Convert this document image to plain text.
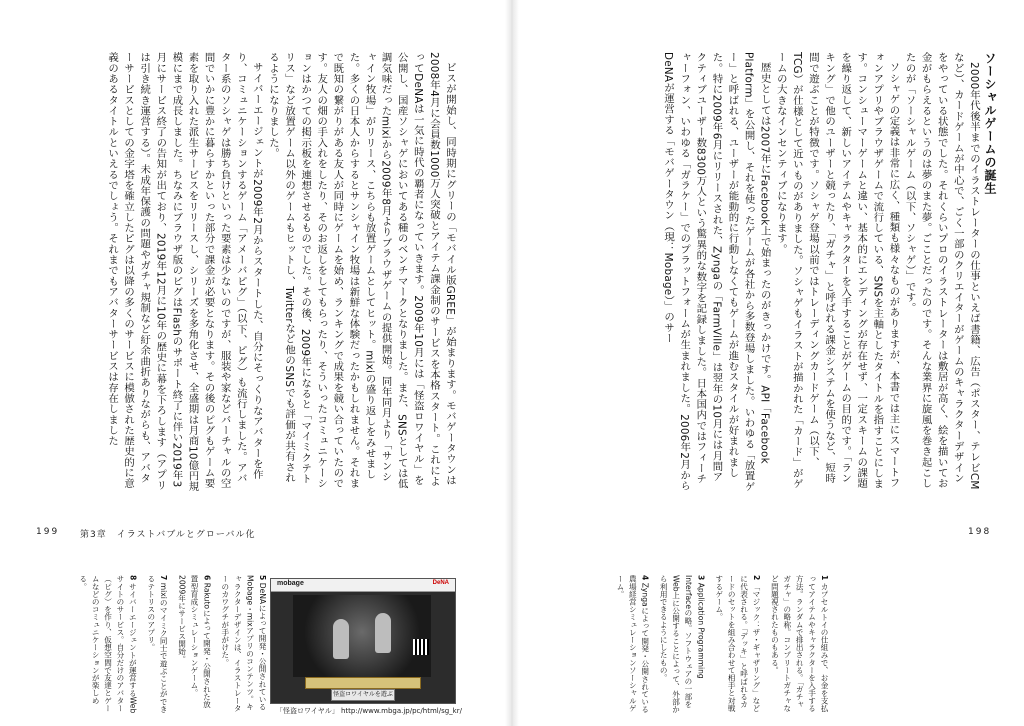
ビスが開始し、同時期にグリーの「モバイル版GREE」が始まります。モバゲータウンは2008年4月に会員数1000万人突破とアイテム課金制のサービスを本格スタート。これによってDeNAは一気に時代の覇者になっていきます。2009年10月には「怪盗ロワイヤル」を公開し、国産ソシャゲにおいてある種のベンチマークとなりました。また、SNSとしては低調気味だったmixiから2009年8月よりブラウザゲームの提供開始。同年同月より「サンシャイン牧場」がリリース、こちらも放置ゲームとしてヒット。mixiの盛り返しをみせました。多くの日本人からするとサンシャイン牧場は新鮮な体験だったかもしれません。それまで既知の繋がりがある友人が同時にゲームを始め、ランキングで成果を競い合っていたのです。友人の畑の手入れをしたり、そのお返しをしてもらったり、そういったコミュニケーションはかつての掲示板を連想させるものでした。その後、2009年になると「マイミクテトリス」など放置ゲーム以外のゲームもヒットし、Twitterなど他のSNSでも評価が共有されるようになりました。

サイバーエージェントが2009年2月からスタートした、自分にそっくりなアバターを作り、コミュニケーションするゲーム「アメーバピグ」（以下、ピグ）も流行しました。アバター系のソシャゲは勝ち負けといった要素は少ないのですが、服装や家などバーチャルの空間でいかに豊かに暮らすかといった部分で課金が必要となります。その後のピグもゲーム要素を取り入れた派生サービスをリリースし、シリーズを多角化させ、全盛期は月商10億円規模にまで成長しました。ちなみにブラウザ版のピグはFlashのサポート終了に伴い2019年3月にサービス終了の告知が出ており、2019年12月に10年の歴史に幕を下ろします（アプリは引き続き運営する）。未成年保護の問題やガチャ規制など紆余曲折ありながらも、アバターサービスとしての金字塔を確立したピグは以降の多くのサービスに模倣された歴史的に意義のあるタイトルといえるでしょう。それまでもアバターサービスは存在しました

199 第3章　イラストバブルとグローバル化
5 DeNAによって開発・公開されているMobage・mixアプリのコンテンツ。キャラクターデザインは、イラストレーターのカワグチが手がけた。
6 Rakutoによって開発・公開された放置型育成シミュレーションゲーム。2009年にサービス開始。
7 mixiのマイミク同士で遊ぶことができるテトリスのアプリ。
8 サイバーエージェントが運営するWebサイトのサービス。自分だけのアバター（ピグ）を作り、仮想空間で友達とゲームなどのコミュニケーションが楽しめる。	mobage	DeNA
怪盗ロワイヤルを遊ぶ
「怪盗ロワイヤル」 http://www.mbga.jp/pc/html/sg_kr/

ソーシャルゲームの誕生

2000年代後半までのイラストレーターの仕事といえば書籍、広告（ポスター、テレビCMなど）、カードゲームが中心で、ごく一部のクリエイターがゲームのキャラクターデザインをやっている状態でした。それくらいプロのイラストレーターは敷居が高く、絵を描いてお金がもらえるというのは夢のまた夢。ごことだったのです。そんな業界に旋風を巻き起こしたのが「ソーシャルゲーム（以下、ソシャゲ）」です。

ソシャゲの定義は非常に広く、種類も様々なものがありますが、本書では主にスマートフォンアプリやブラウザゲームで流行している、SNSを主軸としたタイトルを指すことにします。コンシューマーゲームと違い、基本的にエンディングが存在せず、一定スキームの課題を繰り返して、新しいアイテムやキャラクターを入手することがゲームの目的です。「ランキング」で他のユーザーと競ったり、「ガチャ」と呼ばれる課金システムを使うなど、短時間で遊ぶことが特徴です。ソシャゲ登場以前ではトレーディングカードゲーム（以下、TCG）が仕様として近いものがありました。ソシャゲもイラストが描かれた「カード」がゲームの大きなインセンティブになります。

歴史としては2007年にFacebook上で始まったのがきっかけです。API「Facebook Platform」を公開し、それを使ったゲームが各社から多数登場しました。いわゆる「放置ゲー」と呼ばれる、ユーザーが能動的に行動しなくてもゲームが進むスタイルが好まれました。特に2009年6月にリリースされた、Zyngaの「FarmVille」は翌年の10月には月間アクティブユーザー数8300万人という驚異的な数字を記録しました。日本国内ではフィーチャーフォン、いわゆる「ガラケー」でのプラットフォームが生まれました。2006年2月からDeNAが運営する「モバゲータウン（現：Mobage）」のサー

198
1 カプセルトイの仕組みで、お金を支払ってアイテムやキャラクターを入手する方法。ランダムで排出される。「ガチャガチャ」の略称。コンプリートガチャなど問題視されたものもある。
2 「マジック：ザ・ギャザリング」などに代表される。「デッキ」と呼ばれるカードのセットを組み合わせて相手と対戦するゲーム。
3 Application Programming Interfaceの略。ソフトウェアの一部をWeb上に公開することによって、外部から利用できるようにしたもの。
4 Zyngaによって開発・公開されている農場経営シミュレーションソーシャルゲーム。
